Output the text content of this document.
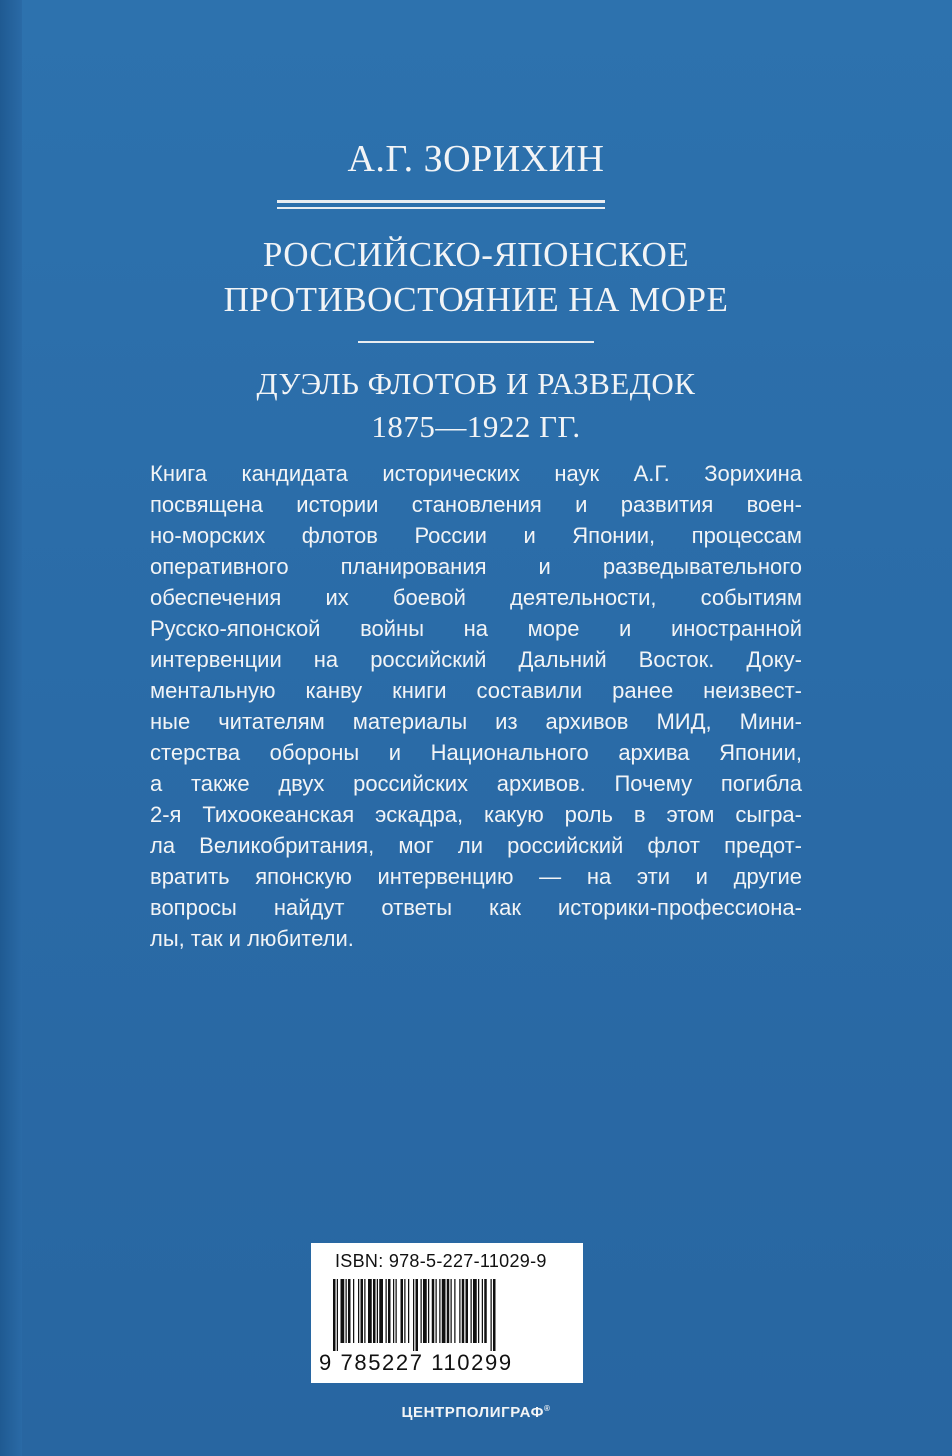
А.Г. ЗОРИХИН
РОССИЙСКО-ЯПОНСКОЕ
ПРОТИВОСТОЯНИЕ НА МОРЕ
ДУЭЛЬ ФЛОТОВ И РАЗВЕДОК
1875—1922 ГГ.
Книга кандидата исторических наук А.Г. Зорихина
посвящена истории становления и развития воен-
но-морских флотов России и Японии, процессам
оперативного планирования и разведывательного
обеспечения их боевой деятельности, событиям
Русско-японской войны на море и иностранной
интервенции на российский Дальний Восток. Доку-
ментальную канву книги составили ранее неизвест-
ные читателям материалы из архивов МИД, Мини-
стерства обороны и Национального архива Японии,
а также двух российских архивов. Почему погибла
2-я Тихоокеанская эскадра, какую роль в этом сыгра-
ла Великобритания, мог ли российский флот предот-
вратить японскую интервенцию — на эти и другие
вопросы найдут ответы как историки-профессиона-
лы, так и любители.
ISBN: 978-5-227-11029-9
9 785227 110299
ЦЕНТРПОЛИГРАФ®
